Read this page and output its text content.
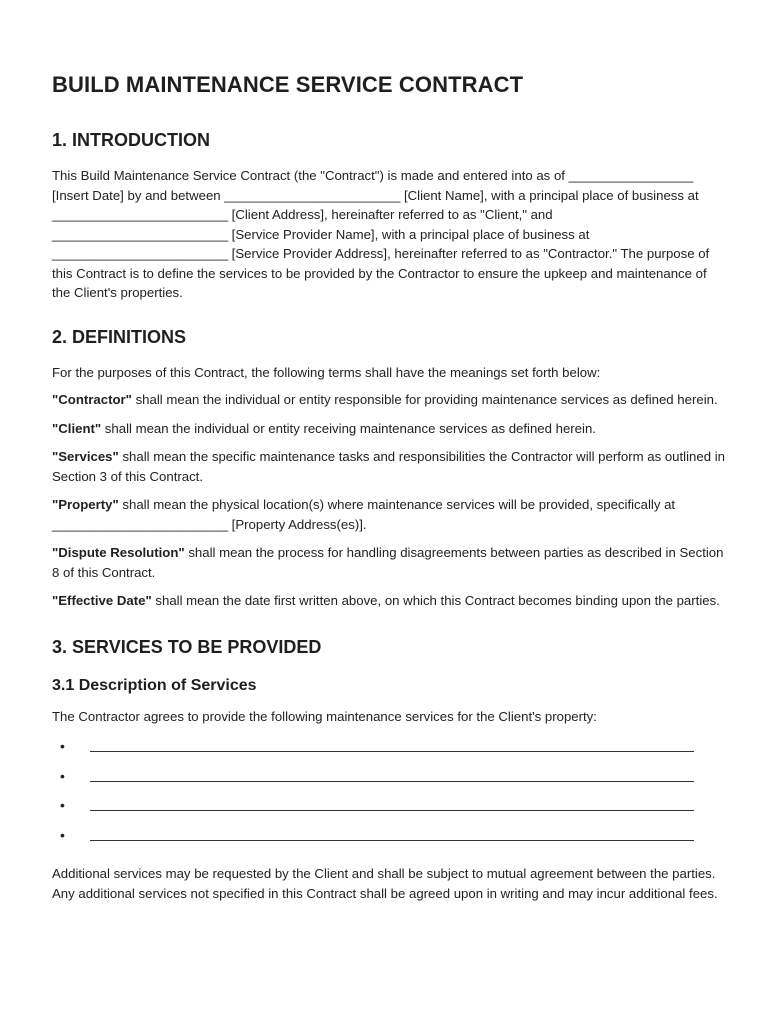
BUILD MAINTENANCE SERVICE CONTRACT
1. INTRODUCTION

This Build Maintenance Service Contract (the "Contract") is made and entered into as of _________________ [Insert Date] by and between ________________________ [Client Name], with a principal place of business at ________________________ [Client Address], hereinafter referred to as "Client," and ________________________ [Service Provider Name], with a principal place of business at ________________________ [Service Provider Address], hereinafter referred to as "Contractor." The purpose of this Contract is to define the services to be provided by the Contractor to ensure the upkeep and maintenance of the Client's properties.

2. DEFINITIONS

For the purposes of this Contract, the following terms shall have the meanings set forth below:

"Contractor" shall mean the individual or entity responsible for providing maintenance services as defined herein.

"Client" shall mean the individual or entity receiving maintenance services as defined herein.

"Services" shall mean the specific maintenance tasks and responsibilities the Contractor will perform as outlined in Section 3 of this Contract.

"Property" shall mean the physical location(s) where maintenance services will be provided, specifically at ________________________ [Property Address(es)].

"Dispute Resolution" shall mean the process for handling disagreements between parties as described in Section 8 of this Contract.

"Effective Date" shall mean the date first written above, on which this Contract becomes binding upon the parties.

3. SERVICES TO BE PROVIDED
3.1 Description of Services

The Contractor agrees to provide the following maintenance services for the Client's property:

•
•
•
•

Additional services may be requested by the Client and shall be subject to mutual agreement between the parties. Any additional services not specified in this Contract shall be agreed upon in writing and may incur additional fees.
